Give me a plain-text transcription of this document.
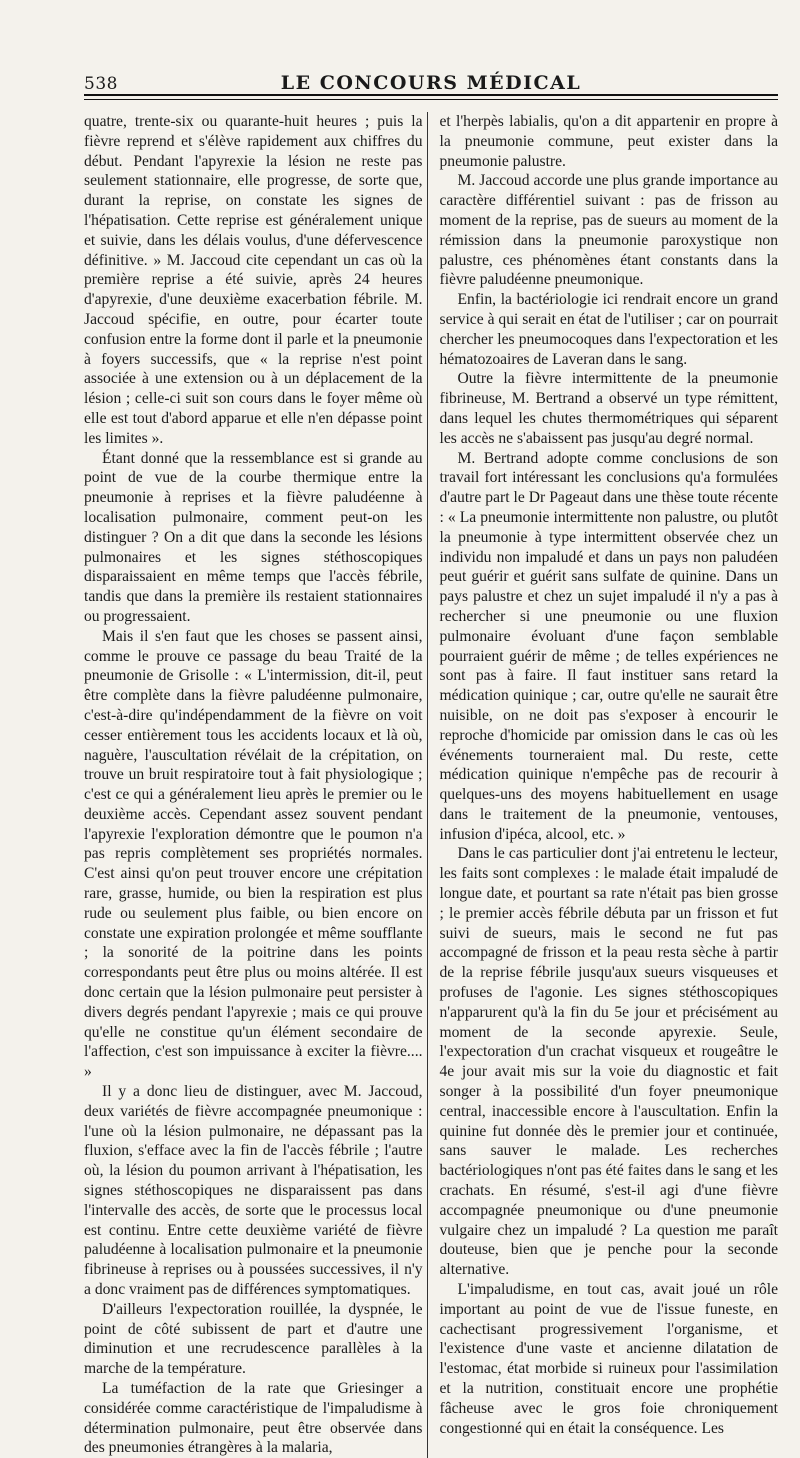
538	LE CONCOURS MÉDICAL

quatre, trente-six ou quarante-huit heures ; puis la fièvre reprend et s'élève rapidement aux chiffres du début. Pendant l'apyrexie la lésion ne reste pas seulement stationnaire, elle progresse, de sorte que, durant la reprise, on constate les signes de l'hépatisation. Cette reprise est généralement unique et suivie, dans les délais voulus, d'une défervescence définitive. » M. Jaccoud cite cependant un cas où la première reprise a été suivie, après 24 heures d'apyrexie, d'une deuxième exacerbation fébrile. M. Jaccoud spécifie, en outre, pour écarter toute confusion entre la forme dont il parle et la pneumonie à foyers successifs, que « la reprise n'est point associée à une extension ou à un déplacement de la lésion ; celle-ci suit son cours dans le foyer même où elle est tout d'abord apparue et elle n'en dépasse point les limites ».

Étant donné que la ressemblance est si grande au point de vue de la courbe thermique entre la pneumonie à reprises et la fièvre paludéenne à localisation pulmonaire, comment peut-on les distinguer ? On a dit que dans la seconde les lésions pulmonaires et les signes stéthoscopiques disparaissaient en même temps que l'accès fébrile, tandis que dans la première ils restaient stationnaires ou progressaient.

Mais il s'en faut que les choses se passent ainsi, comme le prouve ce passage du beau Traité de la pneumonie de Grisolle : « L'intermission, dit-il, peut être complète dans la fièvre paludéenne pulmonaire, c'est-à-dire qu'indépendamment de la fièvre on voit cesser entièrement tous les accidents locaux et là où, naguère, l'auscultation révélait de la crépitation, on trouve un bruit respiratoire tout à fait physiologique ; c'est ce qui a généralement lieu après le premier ou le deuxième accès. Cependant assez souvent pendant l'apyrexie l'exploration démontre que le poumon n'a pas repris complètement ses propriétés normales. C'est ainsi qu'on peut trouver encore une crépitation rare, grasse, humide, ou bien la respiration est plus rude ou seulement plus faible, ou bien encore on constate une expiration prolongée et même soufflante ; la sonorité de la poitrine dans les points correspondants peut être plus ou moins altérée. Il est donc certain que la lésion pulmonaire peut persister à divers degrés pendant l'apyrexie ; mais ce qui prouve qu'elle ne constitue qu'un élément secondaire de l'affection, c'est son impuissance à exciter la fièvre.... »

Il y a donc lieu de distinguer, avec M. Jaccoud, deux variétés de fièvre accompagnée pneumonique : l'une où la lésion pulmonaire, ne dépassant pas la fluxion, s'efface avec la fin de l'accès fébrile ; l'autre où, la lésion du poumon arrivant à l'hépatisation, les signes stéthoscopiques ne disparaissent pas dans l'intervalle des accès, de sorte que le processus local est continu. Entre cette deuxième variété de fièvre paludéenne à localisation pulmonaire et la pneumonie fibrineuse à reprises ou à poussées successives, il n'y a donc vraiment pas de différences symptomatiques.

D'ailleurs l'expectoration rouillée, la dyspnée, le point de côté subissent de part et d'autre une diminution et une recrudescence parallèles à la marche de la température.

La tuméfaction de la rate que Griesinger a considérée comme caractéristique de l'impaludisme à détermination pulmonaire, peut être observée dans des pneumonies étrangères à la malaria,

et l'herpès labialis, qu'on a dit appartenir en propre à la pneumonie commune, peut exister dans la pneumonie palustre.

M. Jaccoud accorde une plus grande importance au caractère différentiel suivant : pas de frisson au moment de la reprise, pas de sueurs au moment de la rémission dans la pneumonie paroxystique non palustre, ces phénomènes étant constants dans la fièvre paludéenne pneumonique.

Enfin, la bactériologie ici rendrait encore un grand service à qui serait en état de l'utiliser ; car on pourrait chercher les pneumocoques dans l'expectoration et les hématozoaires de Laveran dans le sang.

Outre la fièvre intermittente de la pneumonie fibrineuse, M. Bertrand a observé un type rémittent, dans lequel les chutes thermométriques qui séparent les accès ne s'abaissent pas jusqu'au degré normal.

M. Bertrand adopte comme conclusions de son travail fort intéressant les conclusions qu'a formulées d'autre part le Dr Pageaut dans une thèse toute récente : « La pneumonie intermittente non palustre, ou plutôt la pneumonie à type intermittent observée chez un individu non impaludé et dans un pays non paludéen peut guérir et guérit sans sulfate de quinine. Dans un pays palustre et chez un sujet impaludé il n'y a pas à rechercher si une pneumonie ou une fluxion pulmonaire évoluant d'une façon semblable pourraient guérir de même ; de telles expériences ne sont pas à faire. Il faut instituer sans retard la médication quinique ; car, outre qu'elle ne saurait être nuisible, on ne doit pas s'exposer à encourir le reproche d'homicide par omission dans le cas où les événements tourneraient mal. Du reste, cette médication quinique n'empêche pas de recourir à quelques-uns des moyens habituellement en usage dans le traitement de la pneumonie, ventouses, infusion d'ipéca, alcool, etc. »

Dans le cas particulier dont j'ai entretenu le lecteur, les faits sont complexes : le malade était impaludé de longue date, et pourtant sa rate n'était pas bien grosse ; le premier accès fébrile débuta par un frisson et fut suivi de sueurs, mais le second ne fut pas accompagné de frisson et la peau resta sèche à partir de la reprise fébrile jusqu'aux sueurs visqueuses et profuses de l'agonie. Les signes stéthoscopiques n'apparurent qu'à la fin du 5e jour et précisément au moment de la seconde apyrexie. Seule, l'expectoration d'un crachat visqueux et rougeâtre le 4e jour avait mis sur la voie du diagnostic et fait songer à la possibilité d'un foyer pneumonique central, inaccessible encore à l'auscultation. Enfin la quinine fut donnée dès le premier jour et continuée, sans sauver le malade. Les recherches bactériologiques n'ont pas été faites dans le sang et les crachats. En résumé, s'est-il agi d'une fièvre accompagnée pneumonique ou d'une pneumonie vulgaire chez un impaludé ? La question me paraît douteuse, bien que je penche pour la seconde alternative.

L'impaludisme, en tout cas, avait joué un rôle important au point de vue de l'issue funeste, en cachectisant progressivement l'organisme, et l'existence d'une vaste et ancienne dilatation de l'estomac, état morbide si ruineux pour l'assimilation et la nutrition, constituait encore une prophétie fâcheuse avec le gros foie chroniquement congestionné qui en était la conséquence. Les
